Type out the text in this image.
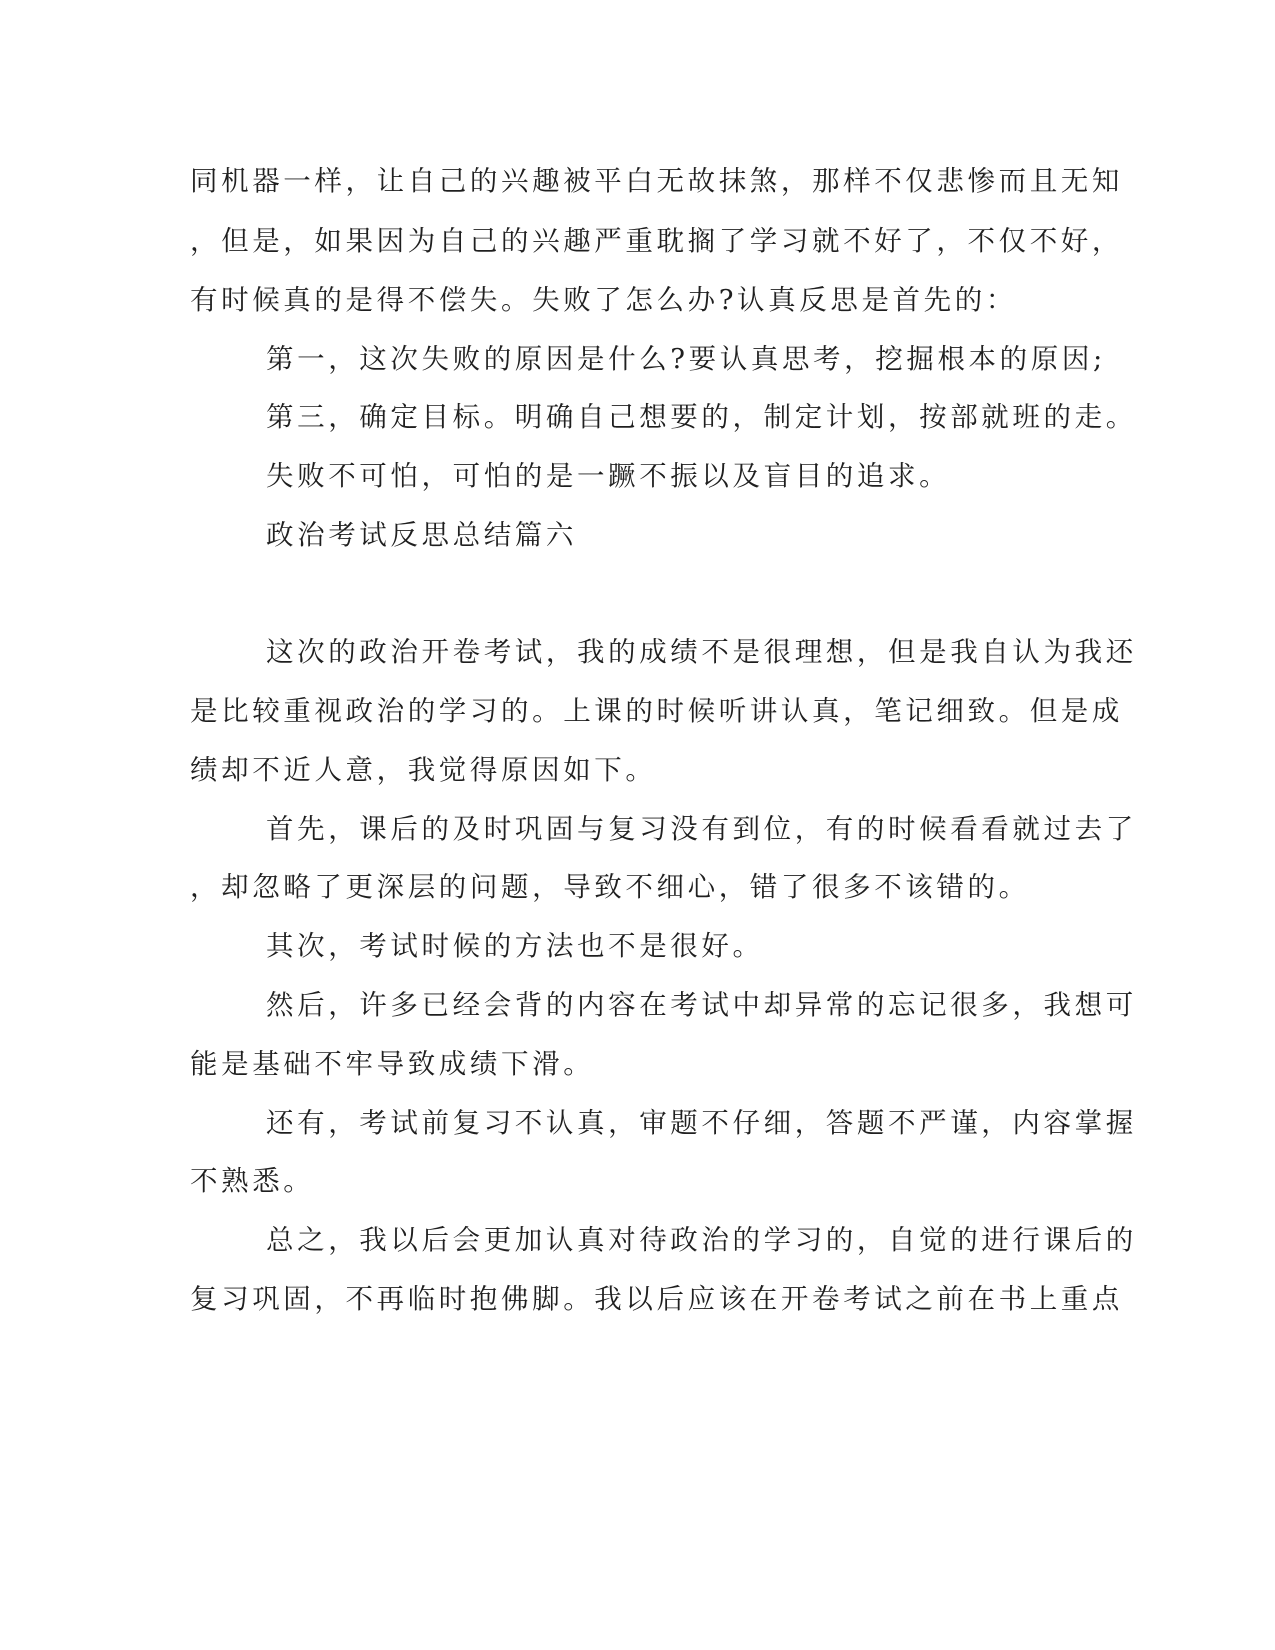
同机器一样，让自己的兴趣被平白无故抹煞，那样不仅悲惨而且无知
，但是，如果因为自己的兴趣严重耽搁了学习就不好了，不仅不好，
有时候真的是得不偿失。失败了怎么办?认真反思是首先的：
第一，这次失败的原因是什么?要认真思考，挖掘根本的原因;
第三，确定目标。明确自己想要的，制定计划，按部就班的走。
失败不可怕，可怕的是一蹶不振以及盲目的追求。
政治考试反思总结篇六
这次的政治开卷考试，我的成绩不是很理想，但是我自认为我还
是比较重视政治的学习的。上课的时候听讲认真，笔记细致。但是成
绩却不近人意，我觉得原因如下。
首先，课后的及时巩固与复习没有到位，有的时候看看就过去了
，却忽略了更深层的问题，导致不细心，错了很多不该错的。
其次，考试时候的方法也不是很好。
然后，许多已经会背的内容在考试中却异常的忘记很多，我想可
能是基础不牢导致成绩下滑。
还有，考试前复习不认真，审题不仔细，答题不严谨，内容掌握
不熟悉。
总之，我以后会更加认真对待政治的学习的，自觉的进行课后的
复习巩固，不再临时抱佛脚。我以后应该在开卷考试之前在书上重点
